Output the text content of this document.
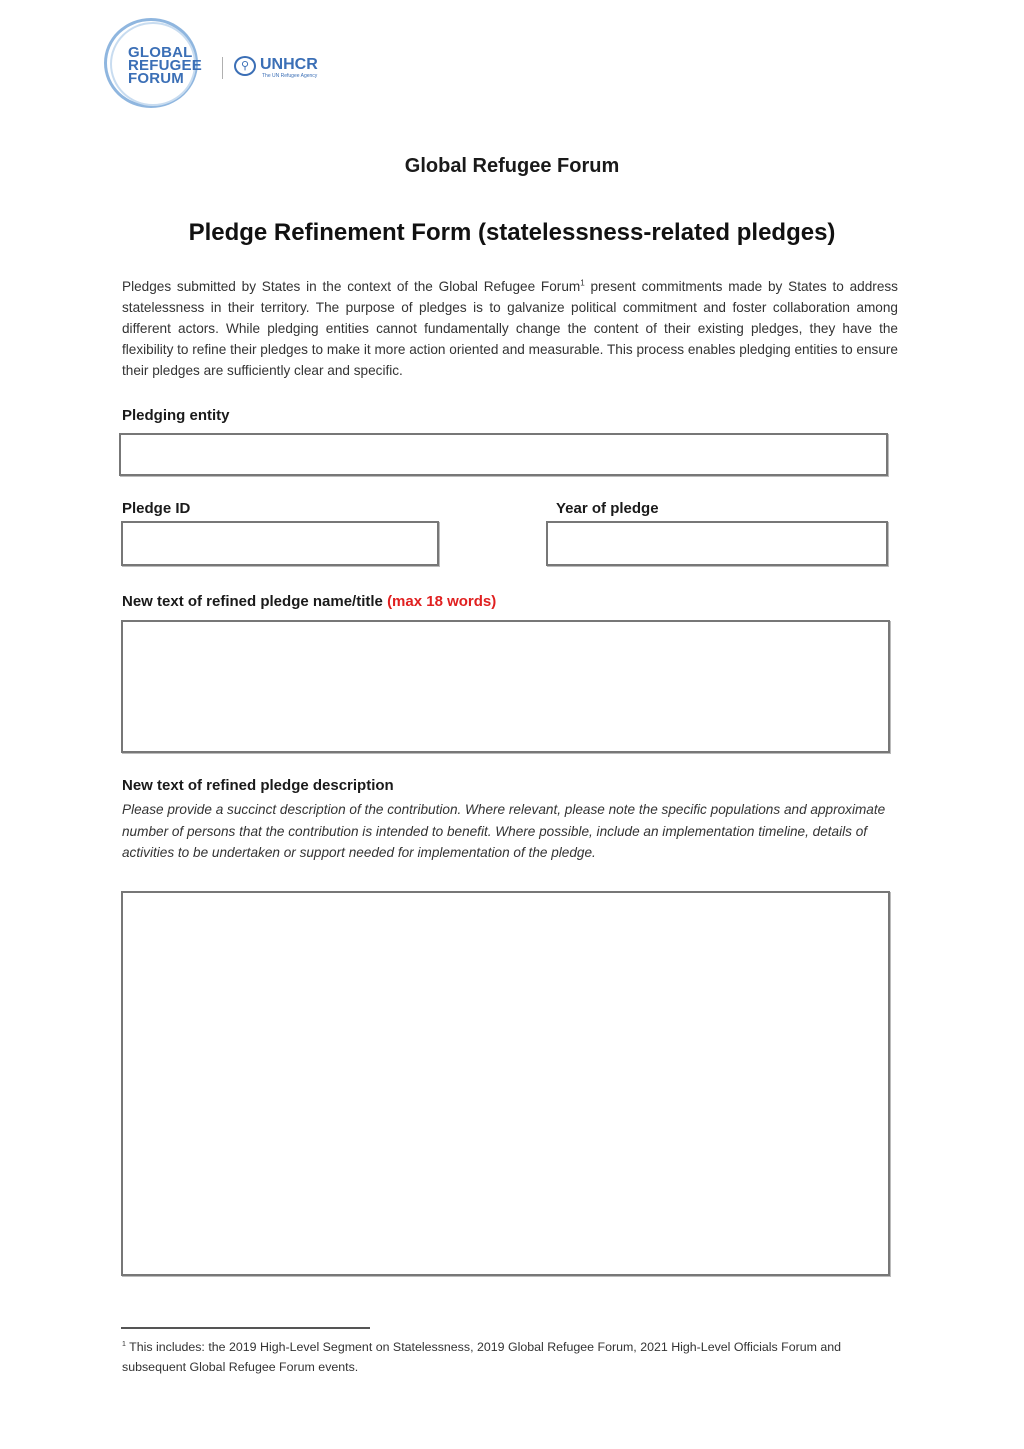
GLOBAL
REFUGEE
FORUM
⚲ UNHCR
The UN Refugee Agency
Global Refugee Forum
Pledge Refinement Form (statelessness-related pledges)
Pledges submitted by States in the context of the Global Refugee Forum$^1$ present commitments made by States to address statelessness in their territory. The purpose of pledges is to galvanize political commitment and foster collaboration among different actors. While pledging entities cannot fundamentally change the content of their existing pledges, they have the flexibility to refine their pledges to make it more action oriented and measurable. This process enables pledging entities to ensure their pledges are sufficiently clear and specific.
Pledging entity
Pledge ID	Year of pledge
New text of refined pledge name/title (max 18 words)
New text of refined pledge description
Please provide a succinct description of the contribution. Where relevant, please note the specific populations and approximate number of persons that the contribution is intended to benefit. Where possible, include an implementation timeline, details of activities to be undertaken or support needed for implementation of the pledge.
$^1$ This includes: the 2019 High-Level Segment on Statelessness, 2019 Global Refugee Forum, 2021 High-Level Officials Forum and subsequent Global Refugee Forum events.
